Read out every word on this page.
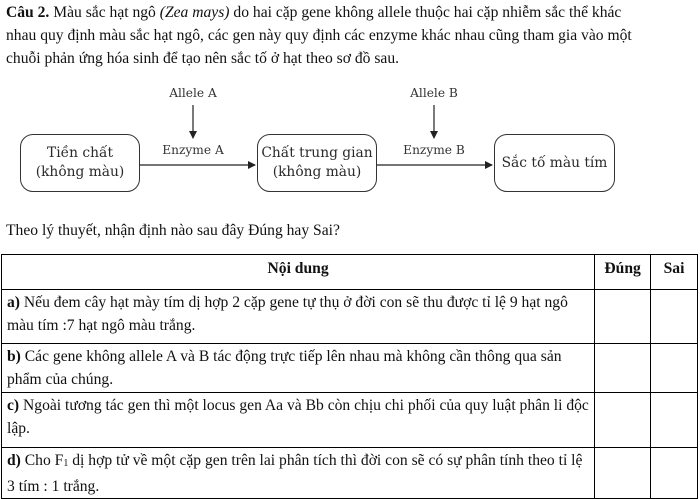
Câu 2. Màu sắc hạt ngô (Zea mays) do hai cặp gene không allele thuộc hai cặp nhiễm sắc thể khác
nhau quy định màu sắc hạt ngô, các gen này quy định các enzyme khác nhau cũng tham gia vào một
chuỗi phản ứng hóa sinh để tạo nên sắc tố ở hạt theo sơ đồ sau.
Tiền chất
(không màu)
Chất trung gian
(không màu)
Sắc tố màu tím
Allele A	Allele B
Enzyme A	Enzyme B
Theo lý thuyết, nhận định nào sau đây Đúng hay Sai?
Nội dung	Đúng	Sai
a) Nếu đem cây hạt mày tím dị hợp 2 cặp gene tự thụ ở đời con sẽ thu được tỉ lệ 9 hạt ngô màu tím :7 hạt ngô màu trắng.		
b) Các gene không allele A và B tác động trực tiếp lên nhau mà không cần thông qua sản phẩm của chúng.		
c) Ngoài tương tác gen thì một locus gen Aa và Bb còn chịu chi phối của quy luật phân li độc lập.		
d) Cho $F_1$ dị hợp tử về một cặp gen trên lai phân tích thì đời con sẽ có sự phân tính theo tỉ lệ 3 tím : 1 trắng.		
